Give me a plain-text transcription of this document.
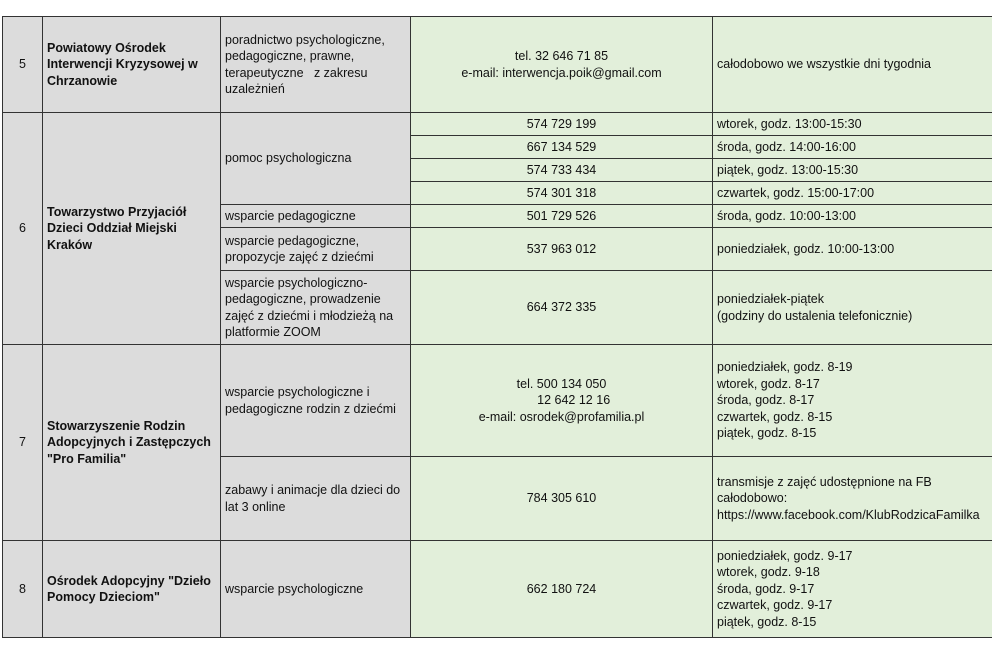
5	Powiatowy Ośrodek
Interwencji Kryzysowej w
Chrzanowie	poradnictwo psychologiczne,
pedagogiczne, prawne,
terapeutyczne   z zakresu
uzależnień	tel. 32 646 71 85
e-mail: interwencja.poik@gmail.com	całodobowo we wszystkie dni tygodnia

6	Towarzystwo Przyjaciół
Dzieci Oddział Miejski
Kraków	pomoc psychologiczna	574 729 199	wtorek, godz. 13:00-15:30
			667 134 529	środa, godz. 14:00-16:00
			574 733 434	piątek, godz. 13:00-15:30
			574 301 318	czwartek, godz. 15:00-17:00

		wsparcie pedagogiczne	501 729 526	środa, godz. 10:00-13:00

		wsparcie pedagogiczne,
propozycje zajęć z dziećmi	537 963 012	poniedziałek, godz. 10:00-13:00

		wsparcie psychologiczno-
pedagogiczne, prowadzenie
zajęć z dziećmi i młodzieżą na
platformie ZOOM	664 372 335	poniedziałek-piątek
(godziny do ustalenia telefonicznie)

7	Stowarzyszenie Rodzin
Adopcyjnych i Zastępczych
"Pro Familia"	wsparcie psychologiczne i
pedagogiczne rodzin z dziećmi	tel. 500 134 050
12 642 12 16
e-mail: osrodek@profamilia.pl	poniedziałek, godz. 8-19
wtorek, godz. 8-17
środa, godz. 8-17
czwartek, godz. 8-15
piątek, godz. 8-15

		zabawy i animacje dla dzieci do
lat 3 online	784 305 610	transmisje z zajęć udostępnione na FB
całodobowo:
https://www.facebook.com/KlubRodzicaFamilka

8	Ośrodek Adopcyjny "Dzieło
Pomocy Dzieciom"	wsparcie psychologiczne	662 180 724	poniedziałek, godz. 9-17
wtorek, godz. 9-18
środa, godz. 9-17
czwartek, godz. 9-17
piątek, godz. 8-15
